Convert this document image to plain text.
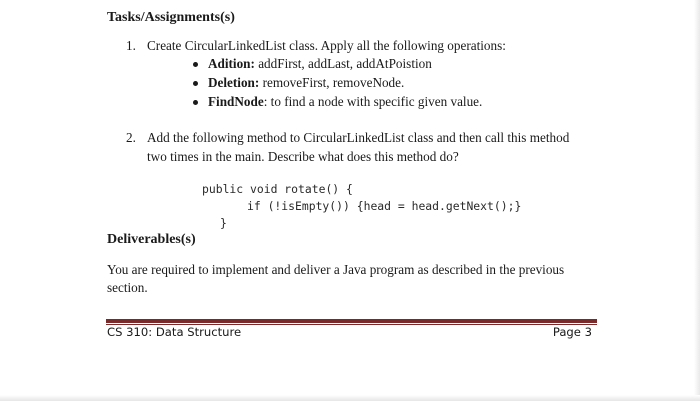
Tasks/Assignments(s)
1. Create CircularLinkedList class. Apply all the following operations:
Adition: addFirst, addLast, addAtPoistion
Deletion: removeFirst, removeNode.
FindNode: to find a node with specific given value.
2. Add the following method to CircularLinkedList class and then call this method
two times in the main. Describe what does this method do?
public void rotate() {
if (!isEmpty()) {head = head.getNext();}
}
Deliverables(s)
You are required to implement and deliver a Java program as described in the previous
section.
CS 310: Data Structure	Page 3
